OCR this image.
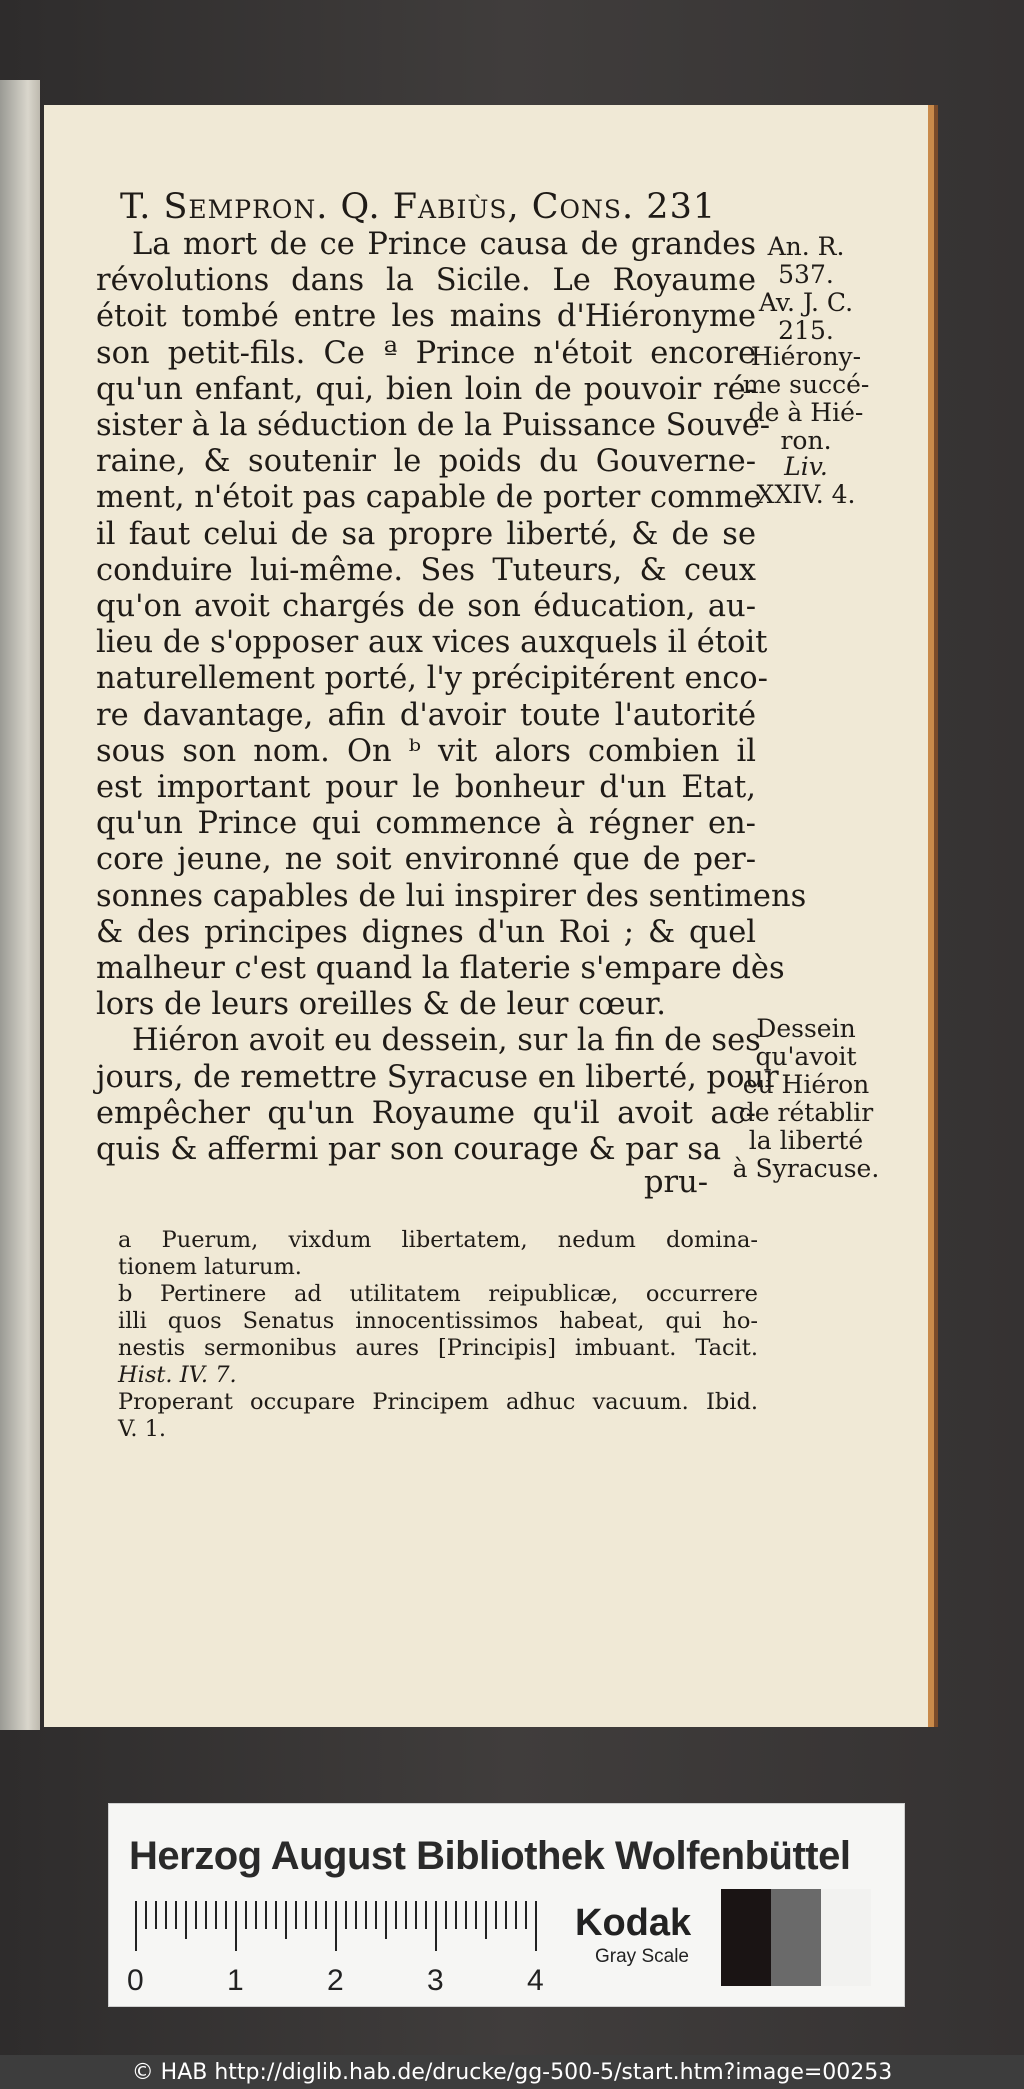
T. Sempron. Q. Fabiùs, Cons. 231
La mort de ce Prince causa de grandes
révolutions dans la Sicile. Le Royaume
étoit tombé entre les mains d'Hiéronyme
son petit-fils. Ce ª Prince n'étoit encore
qu'un enfant, qui, bien loin de pouvoir ré-
sister à la séduction de la Puissance Souve-
raine, & soutenir le poids du Gouverne-
ment, n'étoit pas capable de porter comme
il faut celui de sa propre liberté, & de se
conduire lui-même. Ses Tuteurs, & ceux
qu'on avoit chargés de son éducation, au-
lieu de s'opposer aux vices auxquels il étoit
naturellement porté, l'y précipitérent enco-
re davantage, afin d'avoir toute l'autorité
sous son nom. On ᵇ vit alors combien il
est important pour le bonheur d'un Etat,
qu'un Prince qui commence à régner en-
core jeune, ne soit environné que de per-
sonnes capables de lui inspirer des sentimens
& des principes dignes d'un Roi ; & quel
malheur c'est quand la flaterie s'empare dès
lors de leurs oreilles & de leur cœur.
Hiéron avoit eu dessein, sur la fin de ses
jours, de remettre Syracuse en liberté, pour
empêcher qu'un Royaume qu'il avoit ac-
quis & affermi par son courage & par sa
pru-
An. R.
537.
Av. J. C.
215.
Hiérony-
me succé-
de à Hié-
ron.
Liv.
XXIV. 4.
Dessein
qu'avoit
eu Hiéron
de rétablir
la liberté
à Syracuse.
a Puerum, vixdum libertatem, nedum domina-
tionem laturum.
b Pertinere ad utilitatem reipublicæ, occurrere
illi quos Senatus innocentissimos habeat, qui ho-
nestis sermonibus aures [Principis] imbuant. Tacit.
Hist. IV. 7.
Properant occupare Principem adhuc vacuum. Ibid.
V. 1.
Herzog August Bibliothek Wolfenbüttel
Kodak
Gray Scale
0	1	2	3	4
© HAB http://diglib.hab.de/drucke/gg-500-5/start.htm?image=00253
